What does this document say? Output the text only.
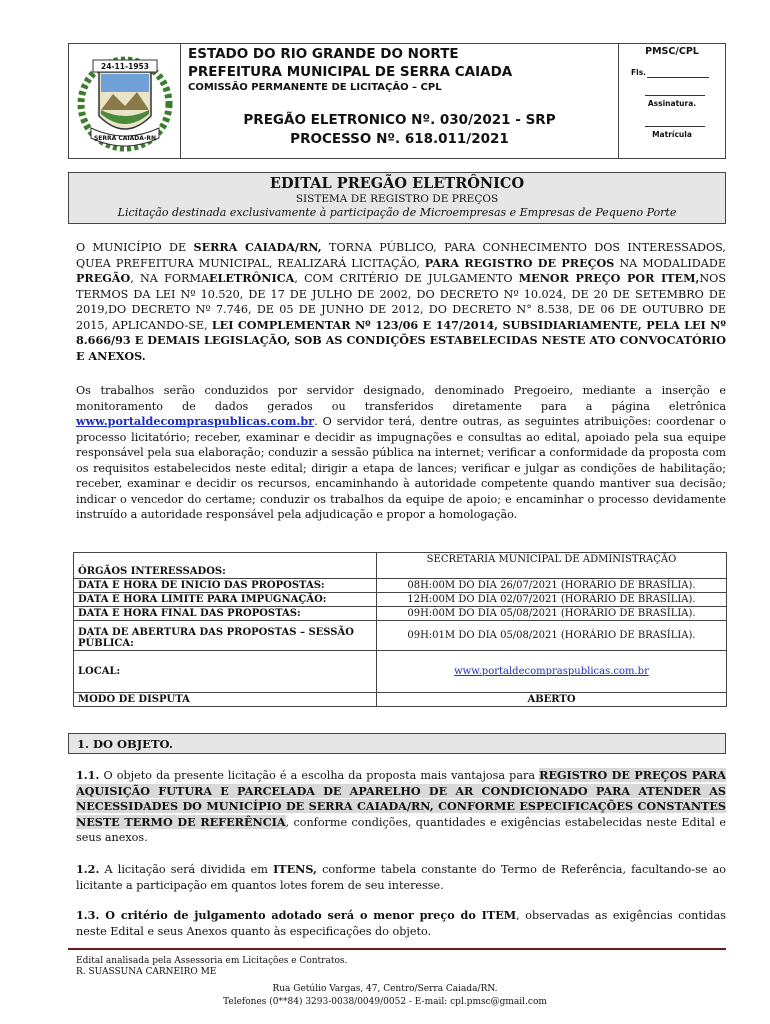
24-11-1953
SERRA CAIADA-RN
ESTADO DO RIO GRANDE DO NORTE
PREFEITURA MUNICIPAL DE SERRA CAIADA
COMISSÃO PERMANENTE DE LICITAÇÃO – CPL
PREGÃO ELETRONICO Nº. 030/2021 - SRP
PROCESSO Nº. 618.011/2021
PMSC/CPL
Fls.
Assinatura.
Matrícula
EDITAL PREGÃO ELETRÔNICO
SISTEMA DE REGISTRO DE PREÇOS
Licitação destinada exclusivamente à participação de Microempresas e Empresas de Pequeno Porte
O MUNICÍPIO DE SERRA CAIADA/RN, TORNA PÚBLICO, PARA CONHECIMENTO DOS INTERESSADOS, QUEA PREFEITURA MUNICIPAL, REALIZARÁ LICITAÇÃO, PARA REGISTRO DE PREÇOS NA MODALIDADE PREGÃO, NA FORMAELETRÔNICA, COM CRITÉRIO DE JULGAMENTO MENOR PREÇO POR ITEM,NOS TERMOS DA LEI Nº 10.520, DE 17 DE JULHO DE 2002, DO DECRETO Nº 10.024, DE 20 DE SETEMBRO DE 2019,DO DECRETO Nº 7.746, DE 05 DE JUNHO DE 2012, DO DECRETO N° 8.538, DE 06 DE OUTUBRO DE 2015, APLICANDO-SE, LEI COMPLEMENTAR Nº 123/06 E 147/2014, SUBSIDIARIAMENTE, PELA LEI Nº 8.666/93 E DEMAIS LEGISLAÇÃO, SOB AS CONDIÇÕES ESTABELECIDAS NESTE ATO CONVOCATÓRIO E ANEXOS.
Os trabalhos serão conduzidos por servidor designado, denominado Pregoeiro, mediante a inserção e monitoramento de dados gerados ou transferidos diretamente para a página eletrônica www.portaldecompraspublicas.com.br. O servidor terá, dentre outras, as seguintes atribuições: coordenar o processo licitatório; receber, examinar e decidir as impugnações e consultas ao edital, apoiado pela sua equipe responsável pela sua elaboração; conduzir a sessão pública na internet; verificar a conformidade da proposta com os requisitos estabelecidos neste edital; dirigir a etapa de lances; verificar e julgar as condições de habilitação; receber, examinar e decidir os recursos, encaminhando à autoridade competente quando mantiver sua decisão; indicar o vencedor do certame; conduzir os trabalhos da equipe de apoio; e encaminhar o processo devidamente instruído a autoridade responsável pela adjudicação e propor a homologação.
ÓRGÃOS INTERESSADOS:	SECRETARIA MUNICIPAL DE ADMINISTRAÇÃO
DATA E HORA DE INICIO DAS PROPOSTAS:	08H:00M DO DIA 26/07/2021 (HORÁRIO DE BRASÍLIA).
DATA E HORA LIMITE PARA IMPUGNAÇÃO:	12H:00M DO DIA 02/07/2021 (HORÁRIO DE BRASÍLIA).
DATA E HORA FINAL DAS PROPOSTAS:	09H:00M DO DIA 05/08/2021 (HORÁRIO DE BRASÍLIA).
DATA DE ABERTURA DAS PROPOSTAS – SESSÃO PÚBLICA:	09H:01M DO DIA 05/08/2021 (HORÁRIO DE BRASÍLIA).
LOCAL:	www.portaldecompraspublicas.com.br
MODO DE DISPUTA	ABERTO
1. DO OBJETO.
1.1. O objeto da presente licitação é a escolha da proposta mais vantajosa para REGISTRO DE PREÇOS PARA AQUISIÇÃO FUTURA E PARCELADA DE APARELHO DE AR CONDICIONADO PARA ATENDER AS NECESSIDADES DO MUNICÍPIO DE SERRA CAIADA/RN, CONFORME ESPECIFICAÇÕES CONSTANTES NESTE TERMO DE REFERÊNCIA, conforme condições, quantidades e exigências estabelecidas neste Edital e seus anexos.
1.2. A licitação será dividida em ITENS, conforme tabela constante do Termo de Referência, facultando-se ao licitante a participação em quantos lotes forem de seu interesse.
1.3. O critério de julgamento adotado será o menor preço do ITEM, observadas as exigências contidas neste Edital e seus Anexos quanto às especificações do objeto.
Edital analisada pela Assessoria em Licitações e Contratos.
R. SUASSUNA CARNEIRO ME
Rua Getúlio Vargas, 47, Centro/Serra Caiada/RN.
Telefones (0**84) 3293-0038/0049/0052 - E-mail: cpl.pmsc@gmail.com
